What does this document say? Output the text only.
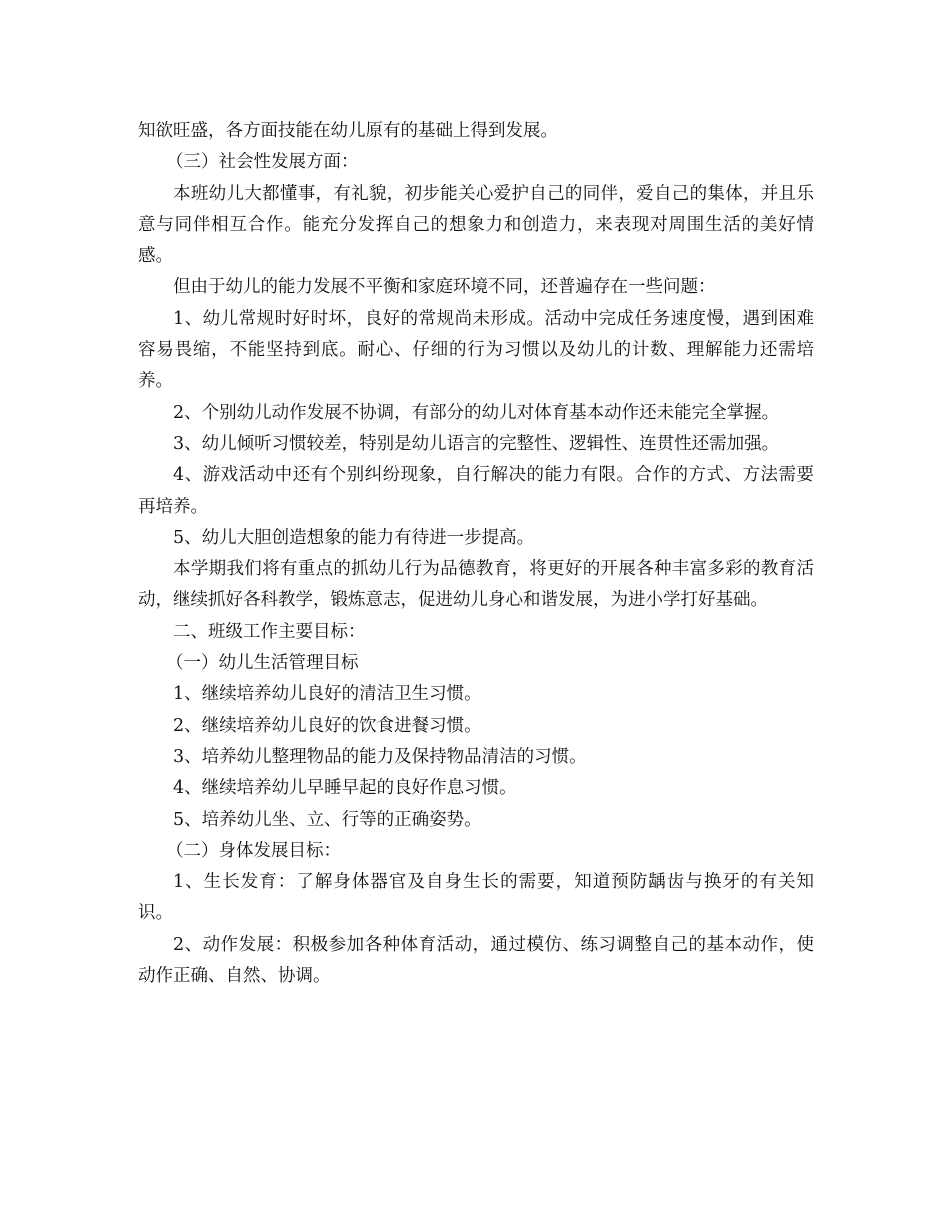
知欲旺盛，各方面技能在幼儿原有的基础上得到发展。

（三）社会性发展方面：

本班幼儿大都懂事，有礼貌，初步能关心爱护自己的同伴，爱自己的集体，并且乐意与同伴相互合作。能充分发挥自己的想象力和创造力，来表现对周围生活的美好情感。

但由于幼儿的能力发展不平衡和家庭环境不同，还普遍存在一些问题：

1、幼儿常规时好时坏，良好的常规尚未形成。活动中完成任务速度慢，遇到困难容易畏缩，不能坚持到底。耐心、仔细的行为习惯以及幼儿的计数、理解能力还需培养。

2、个别幼儿动作发展不协调，有部分的幼儿对体育基本动作还未能完全掌握。

3、幼儿倾听习惯较差，特别是幼儿语言的完整性、逻辑性、连贯性还需加强。

4、游戏活动中还有个别纠纷现象，自行解决的能力有限。合作的方式、方法需要再培养。

5、幼儿大胆创造想象的能力有待进一步提高。

本学期我们将有重点的抓幼儿行为品德教育，将更好的开展各种丰富多彩的教育活动，继续抓好各科教学，锻炼意志，促进幼儿身心和谐发展，为进小学打好基础。

二、班级工作主要目标：

（一）幼儿生活管理目标

1、继续培养幼儿良好的清洁卫生习惯。

2、继续培养幼儿良好的饮食进餐习惯。

3、培养幼儿整理物品的能力及保持物品清洁的习惯。

4、继续培养幼儿早睡早起的良好作息习惯。

5、培养幼儿坐、立、行等的正确姿势。

（二）身体发展目标：

1、生长发育：了解身体器官及自身生长的需要，知道预防龋齿与换牙的有关知识。

2、动作发展：积极参加各种体育活动，通过模仿、练习调整自己的基本动作，使动作正确、自然、协调。
